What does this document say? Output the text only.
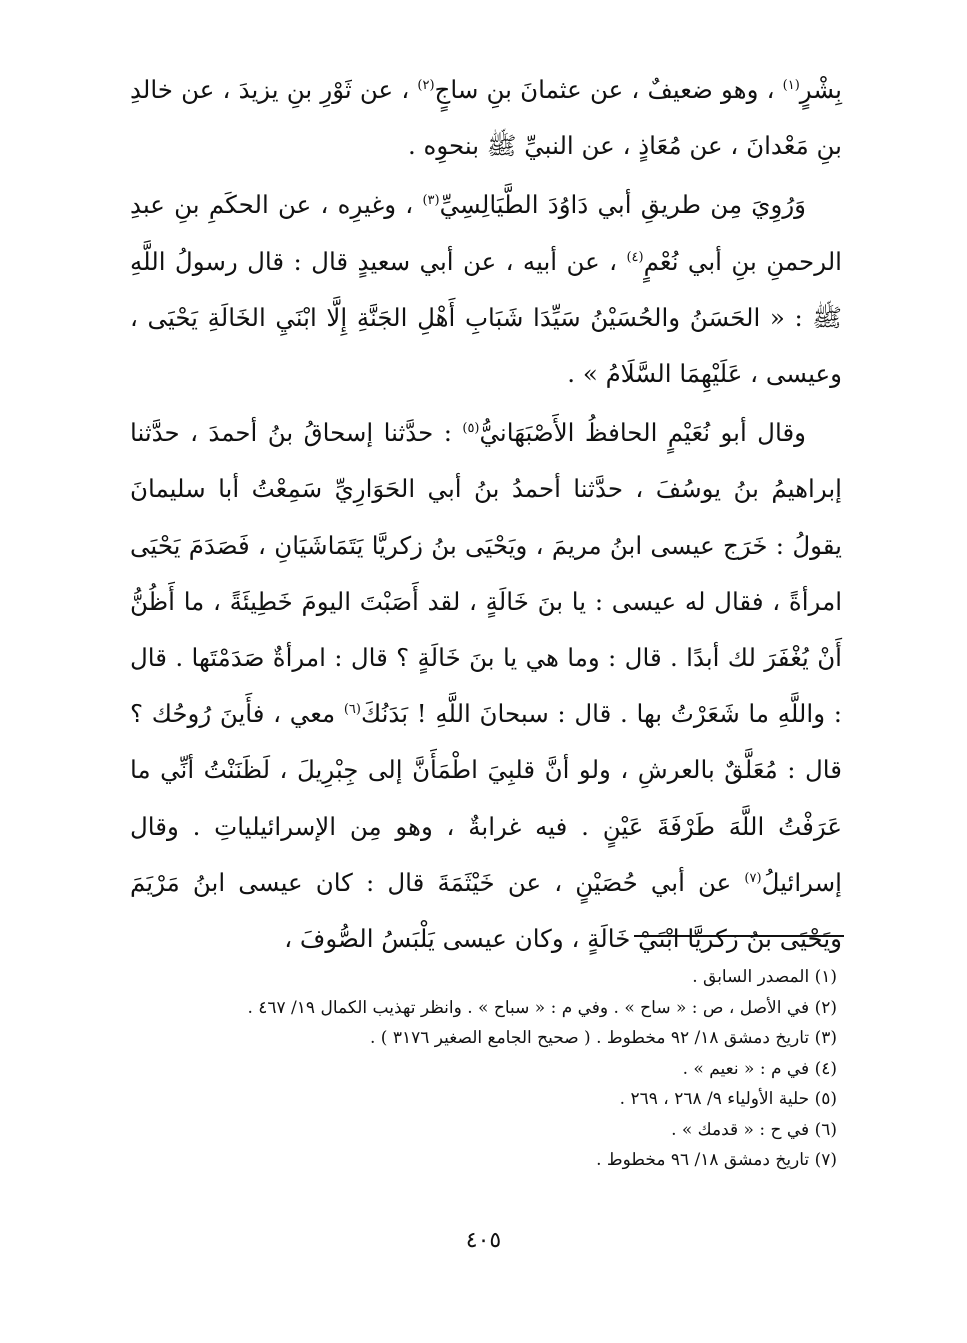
بِشْرٍ$^{(١)}$ ، وهو ضعيفٌ ، عن عثمانَ بنِ ساجٍ$^{(٢)}$ ، عن ثَوْرِ بنِ يزيدَ ، عن خالدِ بنِ مَعْدانَ ، عن مُعَاذٍ ، عن النبيِّ ﷺ بنحوِه .

وَرُوِيَ مِن طريقِ أبي دَاوُدَ الطَّيَالِسِيِّ$^{(٣)}$ ، وغيرِه ، عن الحكَمِ بنِ عبدِ الرحمنِ بنِ أبي نُعْمٍ$^{(٤)}$ ، عن أبيه ، عن أبي سعيدٍ قال : قال رسولُ اللَّهِ ﷺ : « الحَسَنُ والحُسَيْنُ سَيِّدَا شَبَابِ أَهْلِ الجَنَّةِ إِلَّا ابْنَيِ الخَالَةِ يَحْيَى ، وعيسى ، عَلَيْهِمَا السَّلَامُ » .

وقال أبو نُعَيْمٍ الحافظُ الأَصْبَهَانيُّ$^{(٥)}$ : حدَّثنا إسحاقُ بنُ أحمدَ ، حدَّثنا إبراهيمُ بنُ يوسُفَ ، حدَّثنا أحمدُ بنُ أبي الحَوَارِيِّ سَمِعْتُ أبا سليمانَ يقولُ : خَرَج عيسى ابنُ مريمَ ، ويَحْيَى بنُ زكريَّا يَتَمَاشَيَانِ ، فَصَدَمَ يَحْيَى امرأةً ، فقال له عيسى : يا بنَ خَالَةٍ ، لقد أَصَبْتَ اليومَ خَطِيئَةً ، ما أَظُنُّ أَنْ يُغْفَرَ لك أبدًا . قال : وما هي يا بنَ خَالَةٍ ؟ قال : امرأةٌ صَدَمْتَها . قال : واللَّهِ ما شَعَرْتُ بها . قال : سبحانَ اللَّهِ ! بَدَنُكَ$^{(٦)}$ معي ، فأَينَ رُوحُك ؟ قال : مُعَلَّقٌ بالعرشِ ، ولو أنَّ قلبِيَ اطْمَأَنَّ إلى جِبْرِيلَ ، لَظَنَنْتُ أنِّي ما عَرَفْتُ اللَّهَ طَرْفَةَ عَيْنٍ . فيه غرابةٌ ، وهو مِن الإسرائيلياتِ . وقال إسرائيلُ$^{(٧)}$ عن أبي حُصَيْنٍ ، عن خَيْثَمَةَ قال : كان عيسى ابنُ مَرْيَمَ ويَحْيَى بنُ زكريَّا ابْنَيْ خَالَةٍ ، وكان عيسى يَلْبَسُ الصُّوفَ ،

(١) المصدر السابق .
(٢) في الأصل ، ص : « ساح » . وفي م : « سباح » . وانظر تهذيب الكمال ١٩/ ٤٦٧ .
(٣) تاريخ دمشق ١٨/ ٩٢ مخطوط . ( صحيح الجامع الصغير ٣١٧٦ ) .
(٤) في م : « نعيم » .
(٥) حلية الأولياء ٩/ ٢٦٨ ، ٢٦٩ .
(٦) في ح : « قدمك » .
(٧) تاريخ دمشق ١٨/ ٩٦ مخطوط .
٤٠٥
